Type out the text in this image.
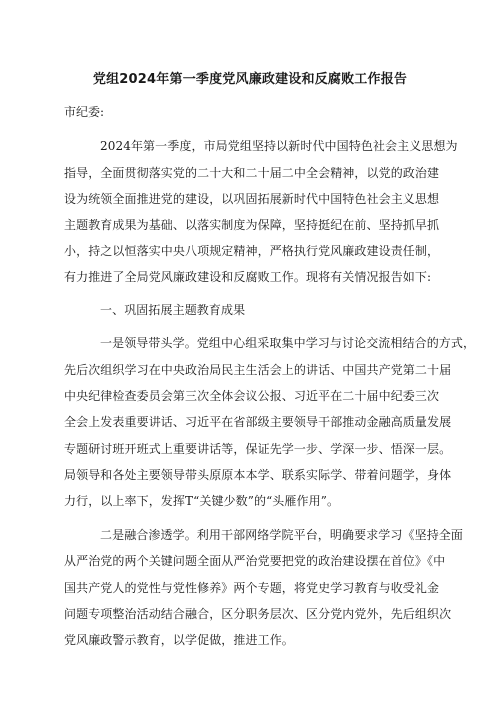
党组2024年第一季度党风廉政建设和反腐败工作报告
市纪委:
2024年第一季度，市局党组坚持以新时代中国特色社会主义思想为
指导，全面贯彻落实党的二十大和二十届二中全会精神，以党的政治建
设为统领全面推进党的建设，以巩固拓展新时代中国特色社会主义思想
主题教育成果为基础、以落实制度为保障，坚持挺纪在前、坚持抓早抓
小，持之以恒落实中央八项规定精神，严格执行党风廉政建设责任制，
有力推进了全局党风廉政建设和反腐败工作。现将有关情况报告如下:
一、巩固拓展主题教育成果
一是领导带头学。党组中心组采取集中学习与讨论交流相结合的方式，
先后次组织学习在中央政治局民主生活会上的讲话、中国共产党第二十届
中央纪律检查委员会第三次全体会议公报、习近平在二十届中纪委三次
全会上发表重要讲话、习近平在省部级主要领导干部推动金融高质量发展
专题研讨班开班式上重要讲话等，保证先学一步、学深一步、悟深一层。
局领导和各处主要领导带头原原本本学、联系实际学、带着问题学，身体
力行，以上率下，发挥T“关键少数”的“头雁作用”。
二是融合渗透学。利用干部网络学院平台，明确要求学习《坚持全面
从严治党的两个关键问题全面从严治党要把党的政治建设摆在首位》《中
国共产党人的党性与党性修养》两个专题，将党史学习教育与收受礼金
问题专项整治活动结合融合，区分职务层次、区分党内党外，先后组织次
党风廉政警示教育，以学促做，推进工作。
